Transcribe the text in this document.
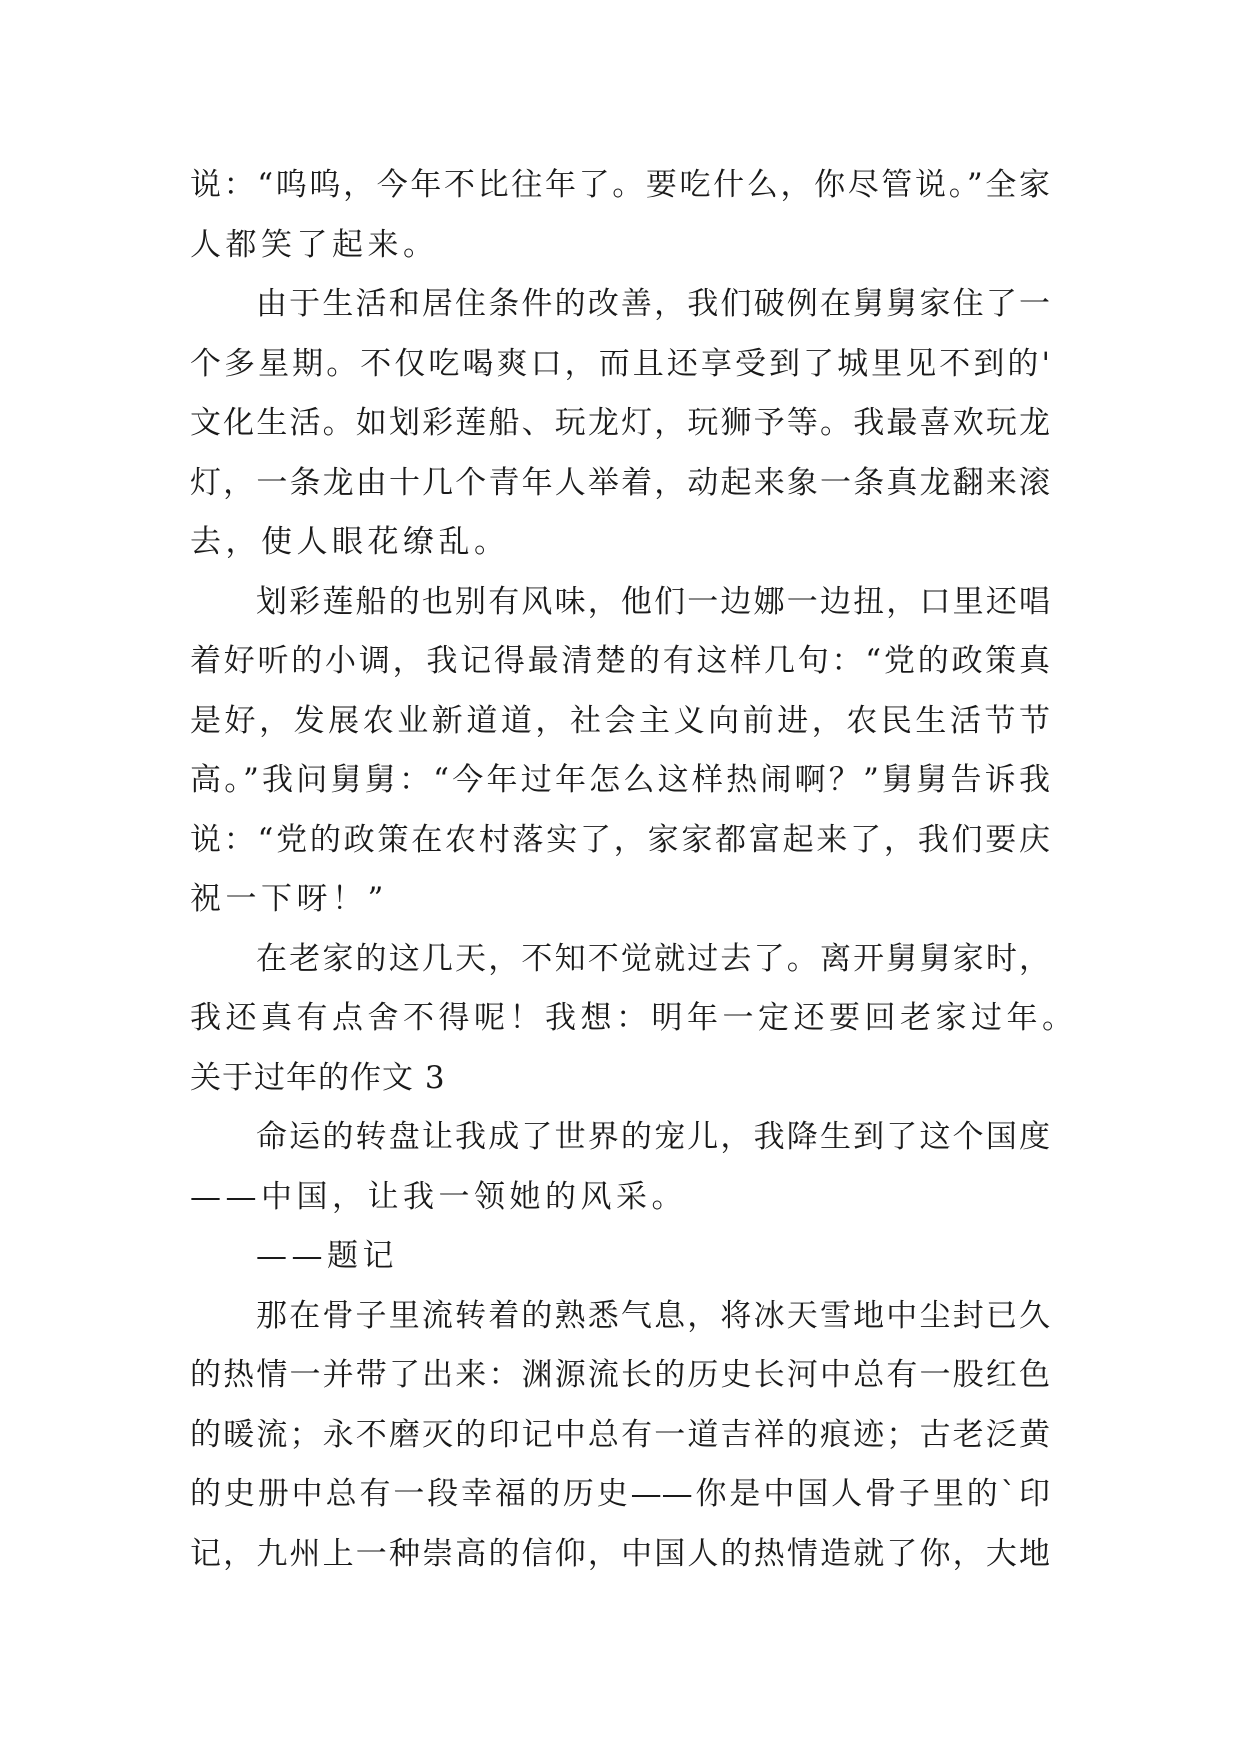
说：“呜呜，今年不比往年了。要吃什么，你尽管说。”全家
人都笑了起来。
由于生活和居住条件的改善，我们破例在舅舅家住了一
个多星期。不仅吃喝爽口，而且还享受到了城里见不到的'
文化生活。如划彩莲船、玩龙灯，玩狮予等。我最喜欢玩龙
灯，一条龙由十几个青年人举着，动起来象一条真龙翻来滚
去，使人眼花缭乱。
划彩莲船的也别有风味，他们一边娜一边扭，口里还唱
着好听的小调，我记得最清楚的有这样几句：“党的政策真
是好，发展农业新道道，社会主义向前进，农民生活节节
高。”我问舅舅：“今年过年怎么这样热闹啊？”舅舅告诉我
说：“党的政策在农村落实了，家家都富起来了，我们要庆
祝一下呀！”
在老家的这几天，不知不觉就过去了。离开舅舅家时，
我还真有点舍不得呢！我想：明年一定还要回老家过年。
关于过年的作文 3
命运的转盘让我成了世界的宠儿，我降生到了这个国度
——中国，让我一领她的风采。
——题记
那在骨子里流转着的熟悉气息，将冰天雪地中尘封已久
的热情一并带了出来：渊源流长的历史长河中总有一股红色
的暖流；永不磨灭的印记中总有一道吉祥的痕迹；古老泛黄
的史册中总有一段幸福的历史——你是中国人骨子里的`印
记，九州上一种崇高的信仰，中国人的热情造就了你，大地
